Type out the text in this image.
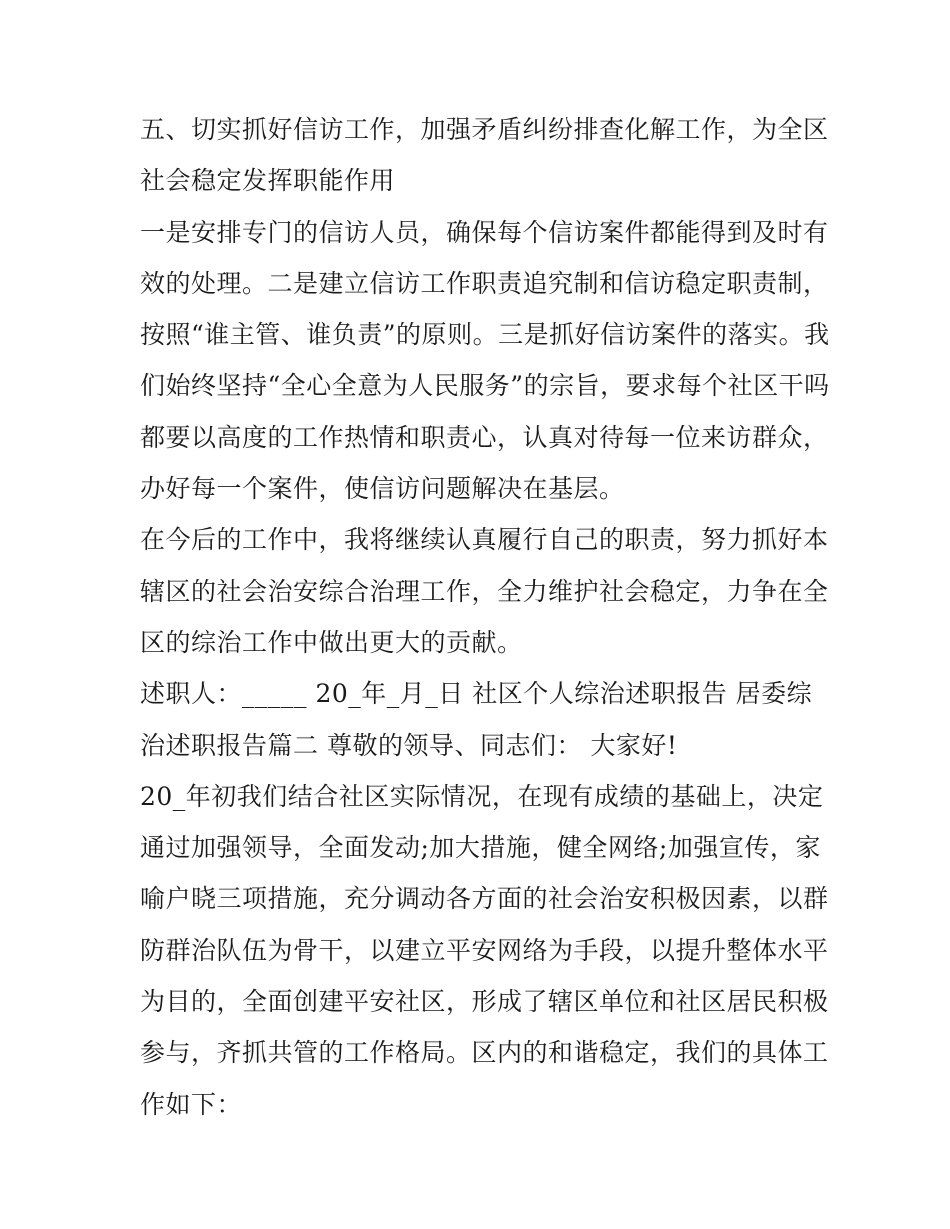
五、切实抓好信访工作，加强矛盾纠纷排查化解工作，为全区
社会稳定发挥职能作用
一是安排专门的信访人员，确保每个信访案件都能得到及时有
效的处理。二是建立信访工作职责追究制和信访稳定职责制，
按照“谁主管、谁负责”的原则。三是抓好信访案件的落实。我
们始终坚持“全心全意为人民服务”的宗旨，要求每个社区干吗
都要以高度的工作热情和职责心，认真对待每一位来访群众，
办好每一个案件，使信访问题解决在基层。
在今后的工作中，我将继续认真履行自己的职责，努力抓好本
辖区的社会治安综合治理工作，全力维护社会稳定，力争在全
区的综治工作中做出更大的贡献。
述职人：_____ 20_年_月_日 社区个人综治述职报告 居委综
治述职报告篇二 尊敬的领导、同志们： 大家好!
20_年初我们结合社区实际情况，在现有成绩的基础上，决定
通过加强领导，全面发动;加大措施，健全网络;加强宣传，家
喻户晓三项措施，充分调动各方面的社会治安积极因素，以群
防群治队伍为骨干，以建立平安网络为手段，以提升整体水平
为目的，全面创建平安社区，形成了辖区单位和社区居民积极
参与，齐抓共管的工作格局。区内的和谐稳定，我们的具体工
作如下：
